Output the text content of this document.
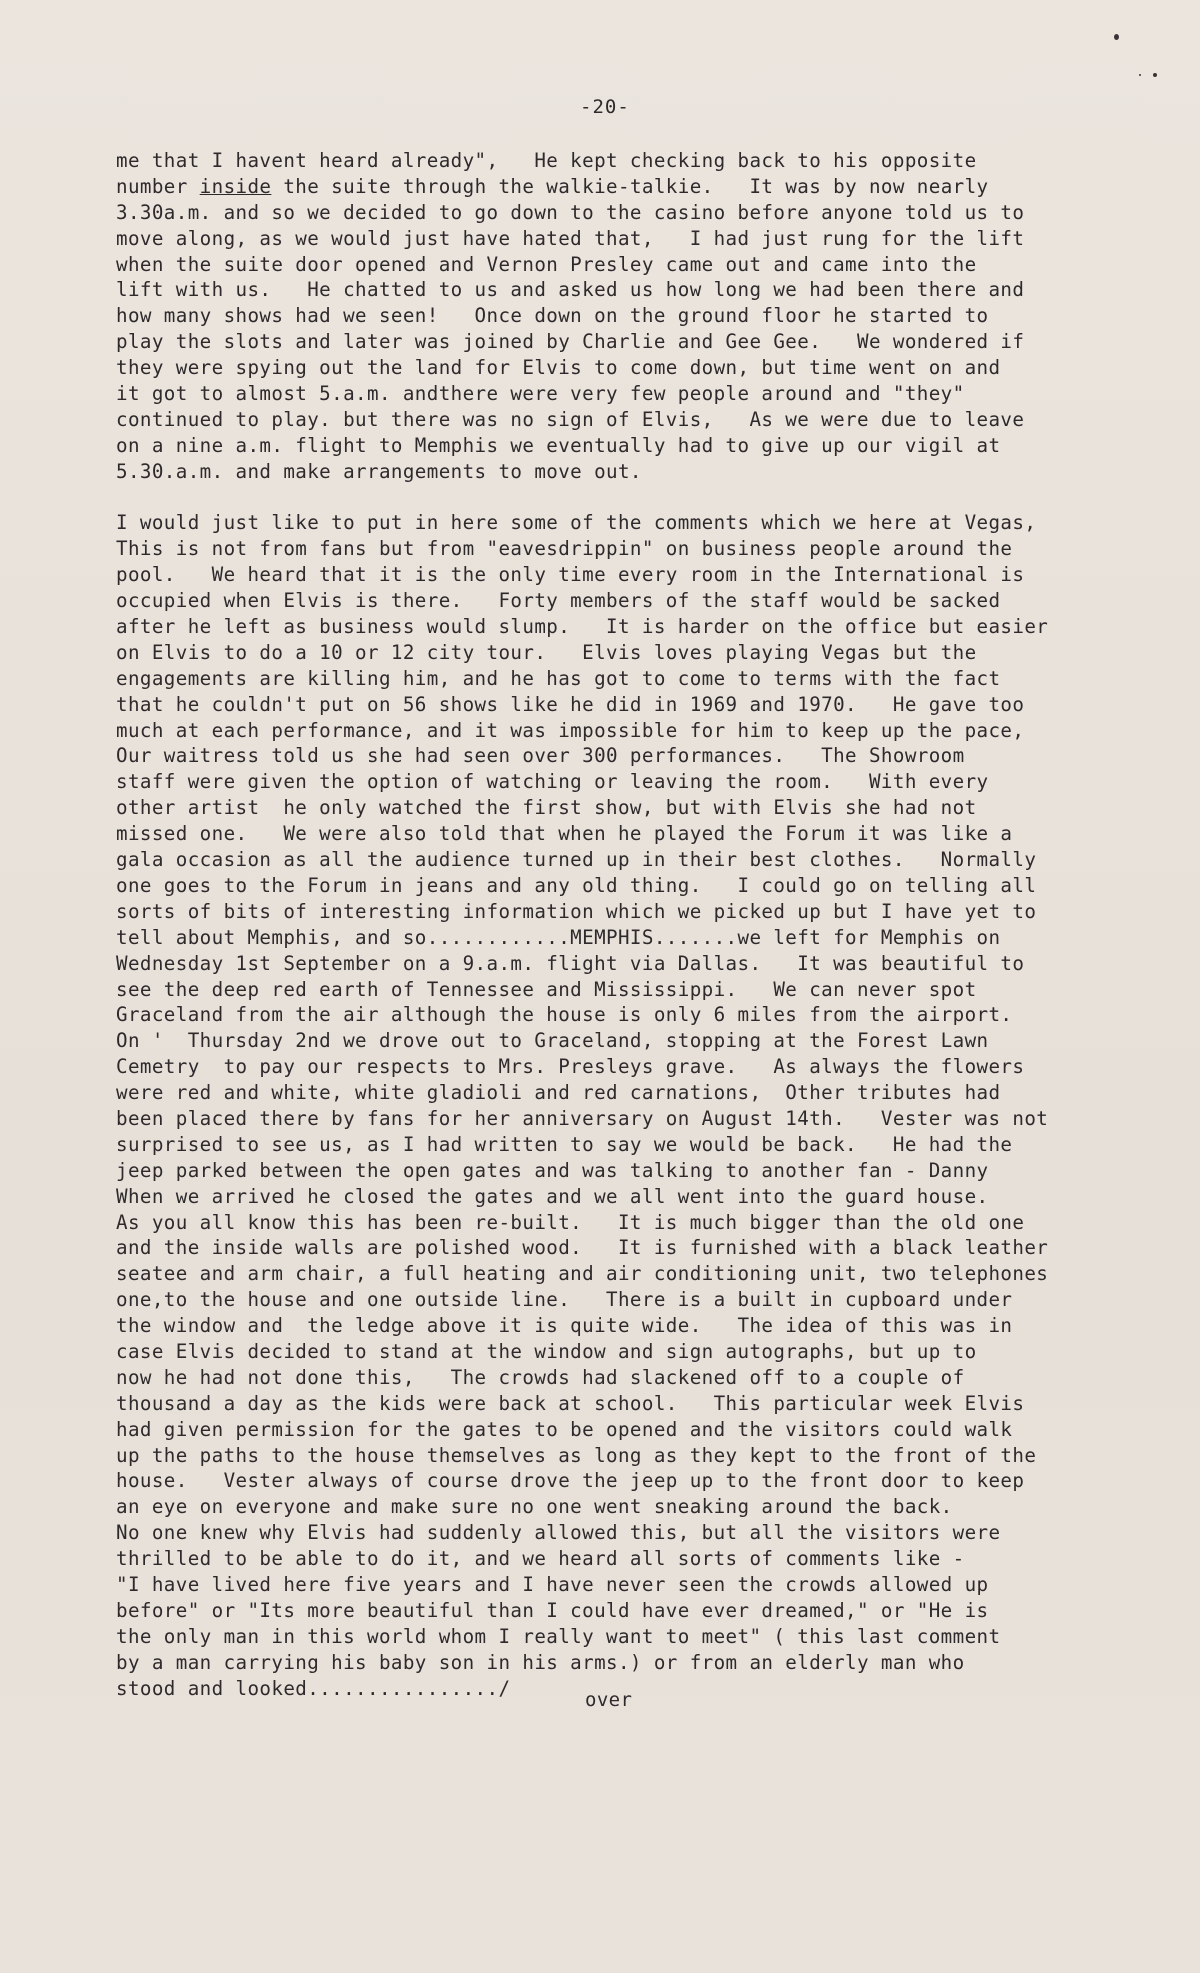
-20-
me that I havent heard already",   He kept checking back to his opposite
number inside the suite through the walkie-talkie.   It was by now nearly
3.30a.m. and so we decided to go down to the casino before anyone told us to
move along, as we would just have hated that,   I had just rung for the lift
when the suite door opened and Vernon Presley came out and came into the
lift with us.   He chatted to us and asked us how long we had been there and
how many shows had we seen!   Once down on the ground floor he started to
play the slots and later was joined by Charlie and Gee Gee.   We wondered if
they were spying out the land for Elvis to come down, but time went on and
it got to almost 5.a.m. andthere were very few people around and "they"
continued to play. but there was no sign of Elvis,   As we were due to leave
on a nine a.m. flight to Memphis we eventually had to give up our vigil at
5.30.a.m. and make arrangements to move out.
I would just like to put in here some of the comments which we here at Vegas,
This is not from fans but from "eavesdrippin" on business people around the
pool.   We heard that it is the only time every room in the International is
occupied when Elvis is there.   Forty members of the staff would be sacked
after he left as business would slump.   It is harder on the office but easier
on Elvis to do a 10 or 12 city tour.   Elvis loves playing Vegas but the
engagements are killing him, and he has got to come to terms with the fact
that he couldn't put on 56 shows like he did in 1969 and 1970.   He gave too
much at each performance, and it was impossible for him to keep up the pace,
Our waitress told us she had seen over 300 performances.   The Showroom
staff were given the option of watching or leaving the room.   With every
other artist  he only watched the first show, but with Elvis she had not
missed one.   We were also told that when he played the Forum it was like a
gala occasion as all the audience turned up in their best clothes.   Normally
one goes to the Forum in jeans and any old thing.   I could go on telling all
sorts of bits of interesting information which we picked up but I have yet to
tell about Memphis, and so............MEMPHIS.......we left for Memphis on
Wednesday 1st September on a 9.a.m. flight via Dallas.   It was beautiful to
see the deep red earth of Tennessee and Mississippi.   We can never spot
Graceland from the air although the house is only 6 miles from the airport.
On '  Thursday 2nd we drove out to Graceland, stopping at the Forest Lawn
Cemetry  to pay our respects to Mrs. Presleys grave.   As always the flowers
were red and white, white gladioli and red carnations,  Other tributes had
been placed there by fans for her anniversary on August 14th.   Vester was not
surprised to see us, as I had written to say we would be back.   He had the
jeep parked between the open gates and was talking to another fan - Danny
When we arrived he closed the gates and we all went into the guard house.
As you all know this has been re-built.   It is much bigger than the old one
and the inside walls are polished wood.   It is furnished with a black leather
seatee and arm chair, a full heating and air conditioning unit, two telephones
one,to the house and one outside line.   There is a built in cupboard under
the window and  the ledge above it is quite wide.   The idea of this was in
case Elvis decided to stand at the window and sign autographs, but up to
now he had not done this,   The crowds had slackened off to a couple of
thousand a day as the kids were back at school.   This particular week Elvis
had given permission for the gates to be opened and the visitors could walk
up the paths to the house themselves as long as they kept to the front of the
house.   Vester always of course drove the jeep up to the front door to keep
an eye on everyone and make sure no one went sneaking around the back.
No one knew why Elvis had suddenly allowed this, but all the visitors were
thrilled to be able to do it, and we heard all sorts of comments like -
"I have lived here five years and I have never seen the crowds allowed up
before" or "Its more beautiful than I could have ever dreamed," or "He is
the only man in this world whom I really want to meet" ( this last comment
by a man carrying his baby son in his arms.) or from an elderly man who
stood and looked................/
over
